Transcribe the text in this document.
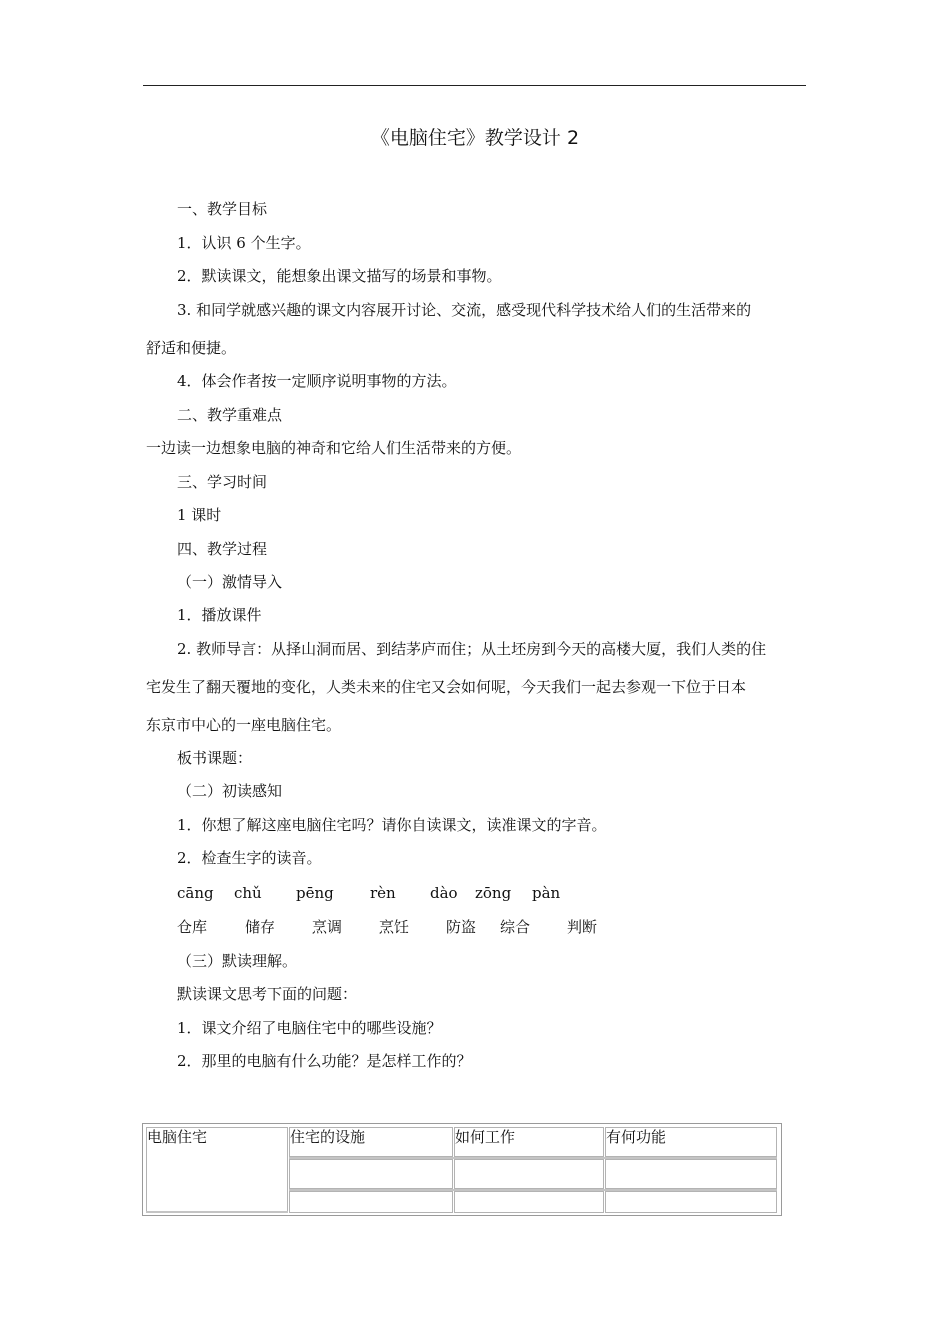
《电脑住宅》教学设计 2
一、教学目标
1．认识 6 个生字。
2．默读课文，能想象出课文描写的场景和事物。
3. 和同学就感兴趣的课文内容展开讨论、交流，感受现代科学技术给人们的生活带来的
舒适和便捷。
4．体会作者按一定顺序说明事物的方法。
二、教学重难点
一边读一边想象电脑的神奇和它给人们生活带来的方便。
三、学习时间
1 课时
四、教学过程
（一）激情导入
1．播放课件
2. 教师导言：从择山洞而居、到结茅庐而住；从土坯房到今天的高楼大厦，我们人类的住
宅发生了翻天覆地的变化，人类未来的住宅又会如何呢，今天我们一起去参观一下位于日本
东京市中心的一座电脑住宅。
板书课题：
（二）初读感知
1．你想了解这座电脑住宅吗？请你自读课文，读准课文的字音。
2．检查生字的读音。
cāng chǔ pēng rèn dào zōng pàn
仓库	储存 烹调 烹饪 防盗 综合 判断
（三）默读理解。
默读课文思考下面的问题：
1．课文介绍了电脑住宅中的哪些设施？
2．那里的电脑有什么功能？是怎样工作的？
电脑住宅	住宅的设施	如何工作	有何功能
